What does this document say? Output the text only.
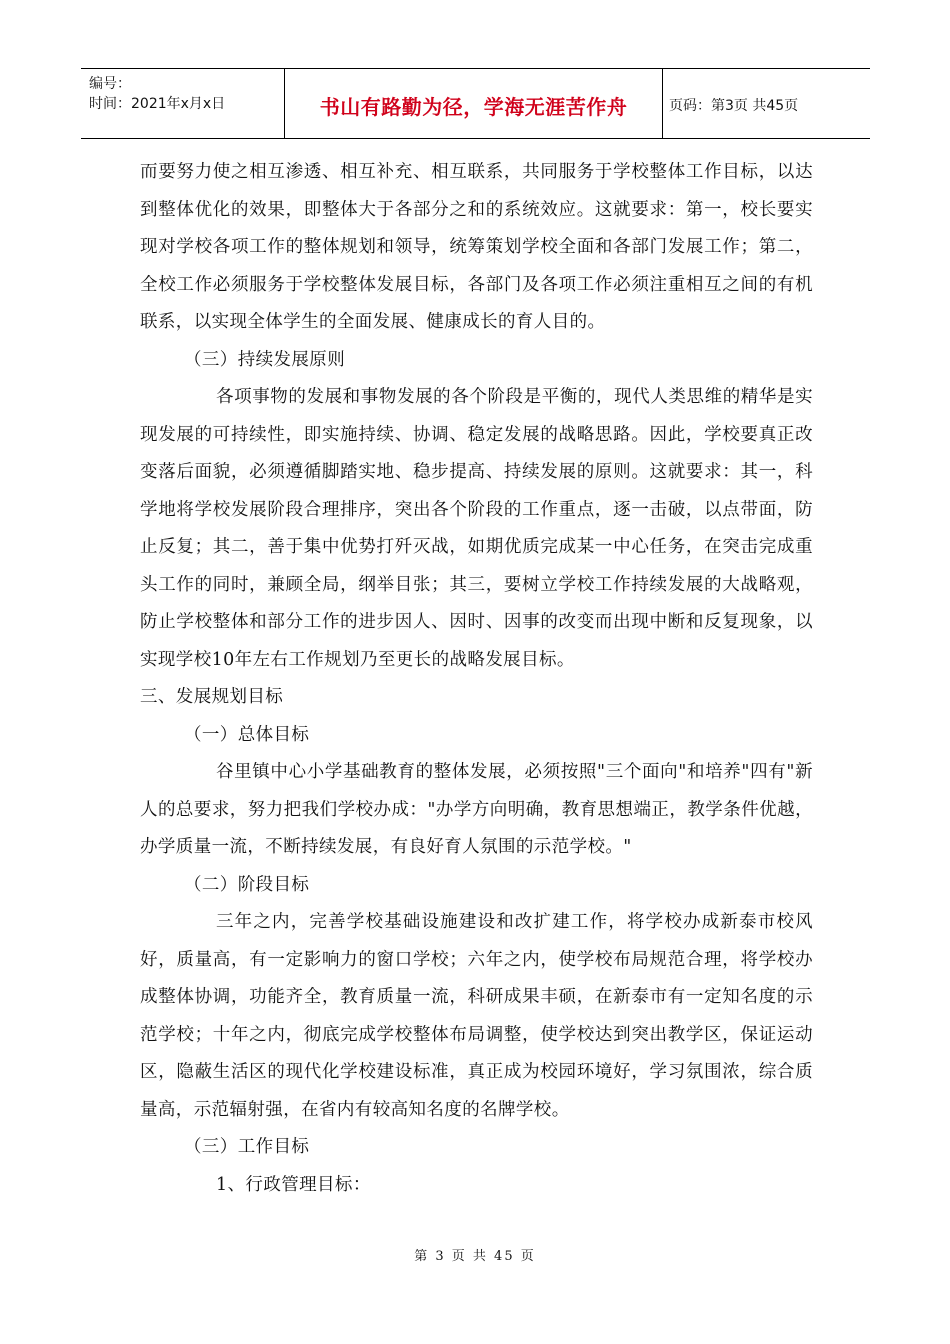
编号：
时间：2021年x月x日	书山有路勤为径，学海无涯苦作舟	页码：第3页 共45页

而要努力使之相互渗透、相互补充、相互联系，共同服务于学校整体工作目标，以达到整体优化的效果，即整体大于各部分之和的系统效应。这就要求：第一，校长要实现对学校各项工作的整体规划和领导，统筹策划学校全面和各部门发展工作；第二，全校工作必须服务于学校整体发展目标，各部门及各项工作必须注重相互之间的有机联系，以实现全体学生的全面发展、健康成长的育人目的。

（三）持续发展原则

各项事物的发展和事物发展的各个阶段是平衡的，现代人类思维的精华是实现发展的可持续性，即实施持续、协调、稳定发展的战略思路。因此，学校要真正改变落后面貌，必须遵循脚踏实地、稳步提高、持续发展的原则。这就要求：其一，科学地将学校发展阶段合理排序，突出各个阶段的工作重点，逐一击破，以点带面，防止反复；其二，善于集中优势打歼灭战，如期优质完成某一中心任务，在突击完成重头工作的同时，兼顾全局，纲举目张；其三，要树立学校工作持续发展的大战略观，防止学校整体和部分工作的进步因人、因时、因事的改变而出现中断和反复现象，以实现学校10年左右工作规划乃至更长的战略发展目标。

三、发展规划目标

（一）总体目标

谷里镇中心小学基础教育的整体发展，必须按照"三个面向"和培养"四有"新人的总要求，努力把我们学校办成："办学方向明确，教育思想端正，教学条件优越，办学质量一流，不断持续发展，有良好育人氛围的示范学校。"

（二）阶段目标

三年之内，完善学校基础设施建设和改扩建工作，将学校办成新泰市校风好，质量高，有一定影响力的窗口学校；六年之内，使学校布局规范合理，将学校办成整体协调，功能齐全，教育质量一流，科研成果丰硕，在新泰市有一定知名度的示范学校；十年之内，彻底完成学校整体布局调整，使学校达到突出教学区，保证运动区，隐蔽生活区的现代化学校建设标准，真正成为校园环境好，学习氛围浓，综合质量高，示范辐射强，在省内有较高知名度的名牌学校。

（三）工作目标

1、行政管理目标：

第 3 页 共 45 页
